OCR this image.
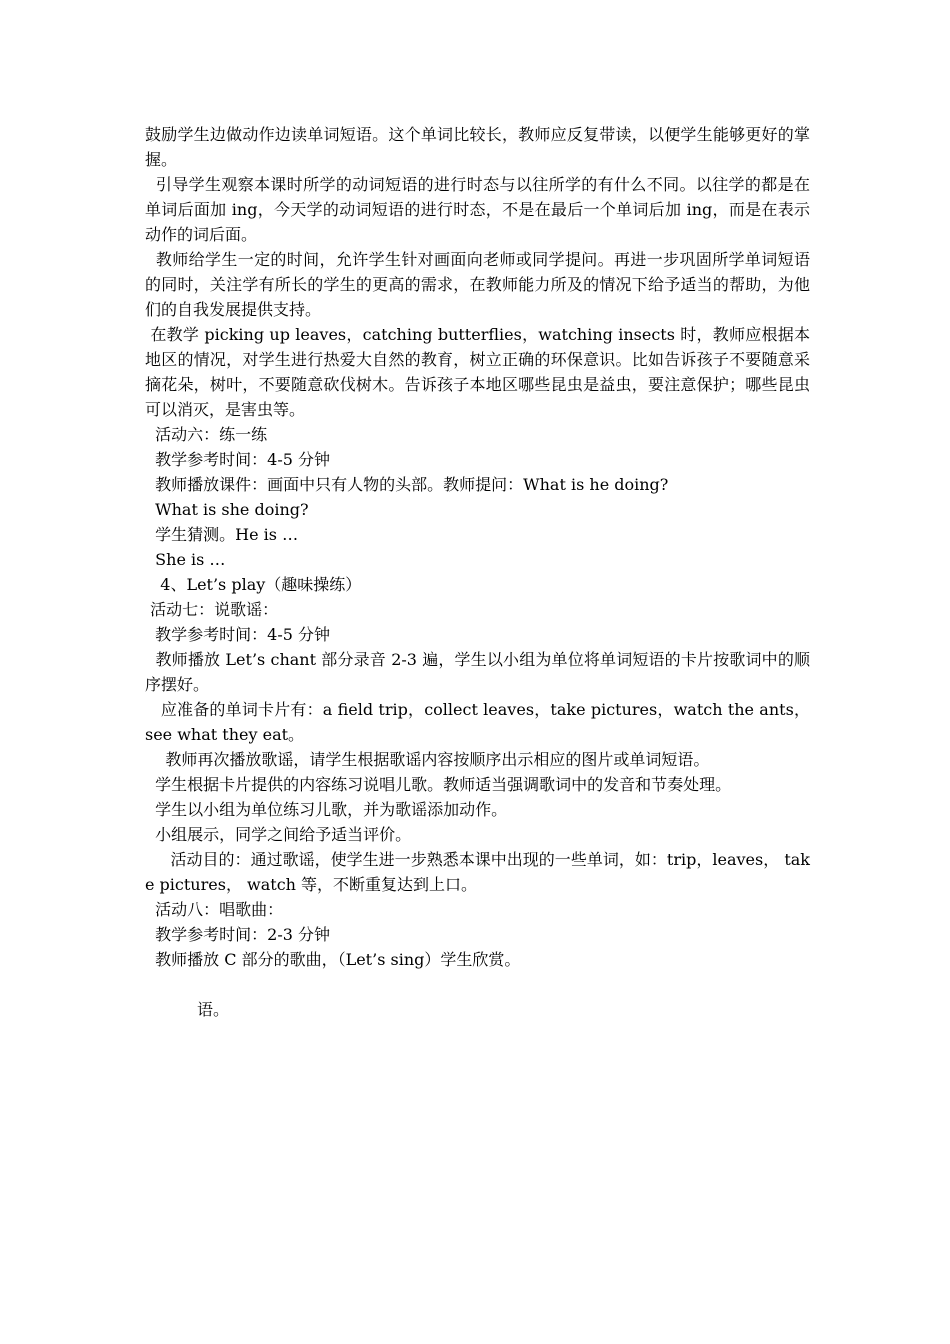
鼓励学生边做动作边读单词短语。这个单词比较长，教师应反复带读，以便学生能够更好的掌握。

引导学生观察本课时所学的动词短语的进行时态与以往所学的有什么不同。以往学的都是在单词后面加 ing，今天学的动词短语的进行时态，不是在最后一个单词后加 ing，而是在表示动作的词后面。

教师给学生一定的时间，允许学生针对画面向老师或同学提问。再进一步巩固所学单词短语的同时，关注学有所长的学生的更高的需求，在教师能力所及的情况下给予适当的帮助，为他们的自我发展提供支持。

在教学 picking up leaves，catching butterflies，watching insects 时，教师应根据本地区的情况，对学生进行热爱大自然的教育，树立正确的环保意识。比如告诉孩子不要随意采摘花朵，树叶，不要随意砍伐树木。告诉孩子本地区哪些昆虫是益虫，要注意保护；哪些昆虫可以消灭，是害虫等。

活动六：练一练

教学参考时间：4-5 分钟

教师播放课件：画面中只有人物的头部。教师提问：What is he doing?

What is she doing?

学生猜测。He is …

She is …

4、Let’s play（趣味操练）

活动七：说歌谣：

教学参考时间：4-5 分钟

教师播放 Let’s chant 部分录音 2-3 遍，学生以小组为单位将单词短语的卡片按歌词中的顺序摆好。

应准备的单词卡片有：a field trip，collect leaves，take pictures，watch the ants，see what they eat。

教师再次播放歌谣，请学生根据歌谣内容按顺序出示相应的图片或单词短语。

学生根据卡片提供的内容练习说唱儿歌。教师适当强调歌词中的发音和节奏处理。

学生以小组为单位练习儿歌，并为歌谣添加动作。

小组展示，同学之间给予适当评价。

活动目的：通过歌谣，使学生进一步熟悉本课中出现的一些单词，如：trip，leaves， take pictures， watch 等，不断重复达到上口。

活动八：唱歌曲：

教学参考时间：2-3 分钟

教师播放 C 部分的歌曲，（Let’s sing）学生欣赏。

语。
